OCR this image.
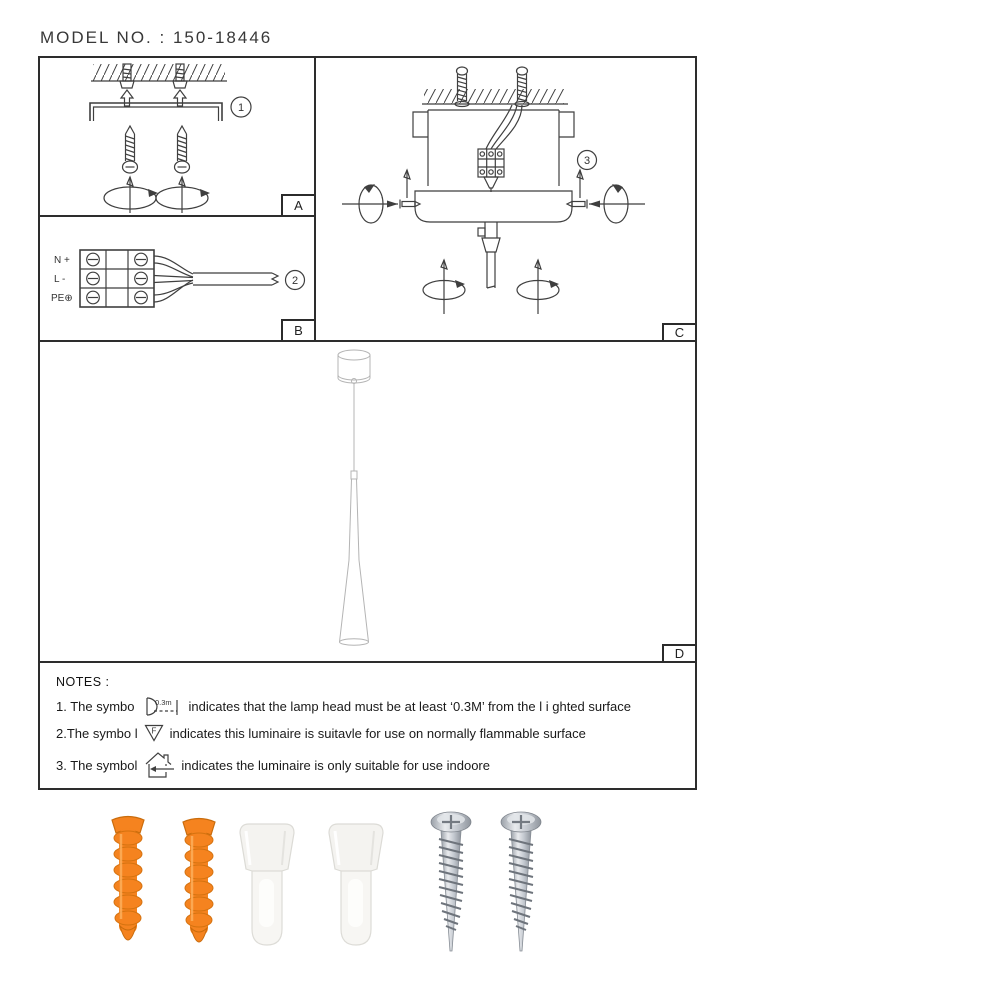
MODEL NO. : 150-18446
1
A
N +
L -
PE⊕
2
B
3
C
D
NOTES :
1. The symbo	0.3m indicates that the lamp head must be at least ‘0.3M’ from the l i ghted surface
2.The symbo l F indicates this luminaire is suitavle for use on normally flammable surface
3. The symbol	indicates the luminaire is only suitable for use indoore
